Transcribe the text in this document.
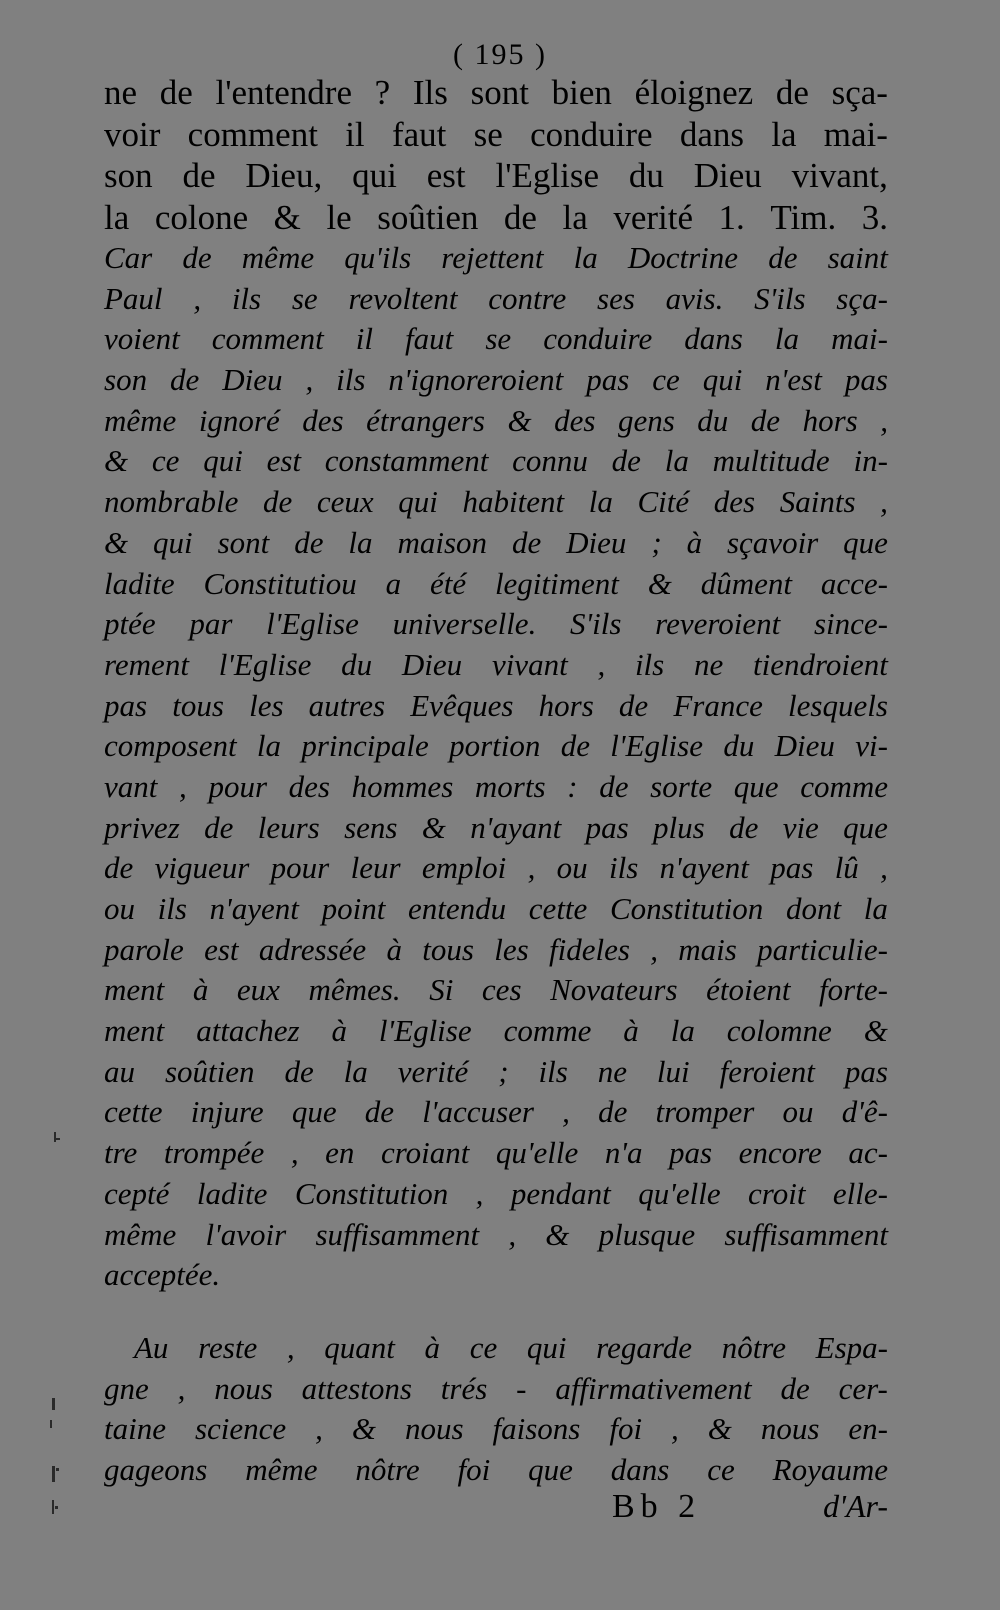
( 195 )
ne de l'entendre ? Ils sont bien éloignez de sça-
voir comment il faut se conduire dans la mai-
son de Dieu, qui est l'Eglise du Dieu vivant,
la colone & le soûtien de la verité 1. Tim. 3.
Car de même qu'ils rejettent la Doctrine de saint
Paul , ils se revoltent contre ses avis. S'ils sça-
voient comment il faut se conduire dans la mai-
son de Dieu , ils n'ignoreroient pas ce qui n'est pas
même ignoré des étrangers & des gens du de hors ,
& ce qui est constamment connu de la multitude in-
nombrable de ceux qui habitent la Cité des Saints ,
& qui sont de la maison de Dieu ; à sçavoir que
ladite Constitutiou a été legitiment & dûment acce-
ptée par l'Eglise universelle. S'ils reveroient since-
rement l'Eglise du Dieu vivant , ils ne tiendroient
pas tous les autres Evêques hors de France lesquels
composent la principale portion de l'Eglise du Dieu vi-
vant , pour des hommes morts : de sorte que comme
privez de leurs sens & n'ayant pas plus de vie que
de vigueur pour leur emploi , ou ils n'ayent pas lû ,
ou ils n'ayent point entendu cette Constitution dont la
parole est adressée à tous les fideles , mais particulie-
ment à eux mêmes. Si ces Novateurs étoient forte-
ment attachez à l'Eglise comme à la colomne &
au soûtien de la verité ; ils ne lui feroient pas
cette injure que de l'accuser , de tromper ou d'ê-
tre trompée , en croiant qu'elle n'a pas encore ac-
cepté ladite Constitution , pendant qu'elle croit elle-
même l'avoir suffisamment , & plusque suffisamment
acceptée.
Au reste , quant à ce qui regarde nôtre Espa-
gne , nous attestons trés - affirmativement de cer-
taine science , & nous faisons foi , & nous en-
gageons même nôtre foi que dans ce Royaume
Bb 2	d'Ar-
